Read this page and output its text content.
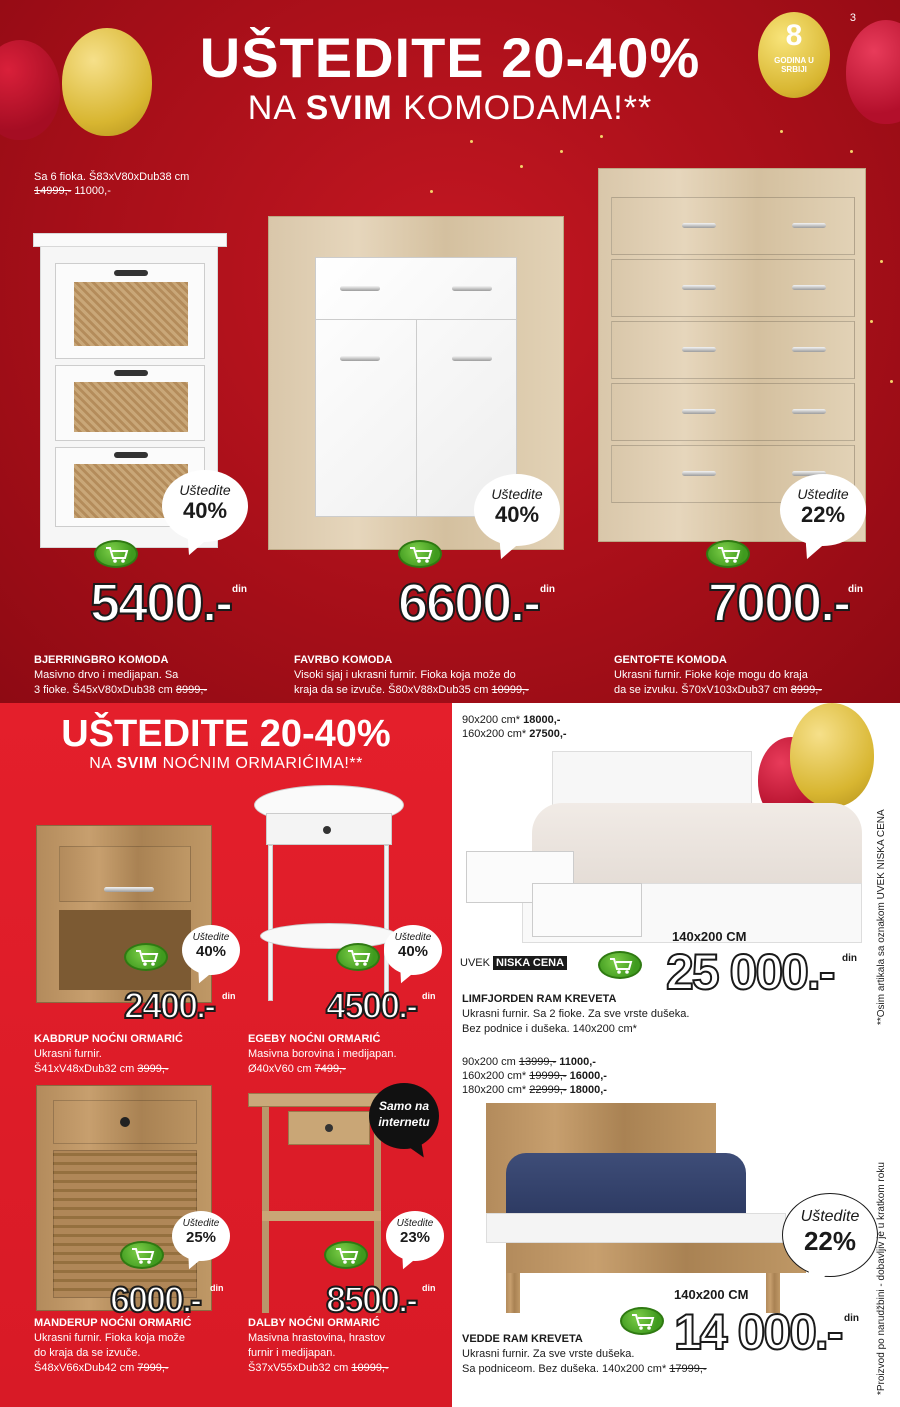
3
8
GODINA U SRBIJI
UŠTEDITE 20-40%
NA SVIM KOMODAMA!**
Sa 6 fioka. Š83xV80xDub38 cm
14999,- 11000,-
Uštedite
40%
Uštedite
40%
Uštedite
22%
5400.- din	6600.- din	7000.-
din
BJERRINGBRO KOMODA
Masivno drvo i medijapan. Sa
3 fioke. Š45xV80xDub38 cm 8999,-
FAVRBO KOMODA
Visoki sjaj i ukrasni furnir. Fioka koja može do
kraja da se izvuče. Š80xV88xDub35 cm 10999,-
GENTOFTE KOMODA
Ukrasni furnir. Fioke koje mogu do kraja
da se izvuku. Š70xV103xDub37 cm 8999,-
UŠTEDITE 20-40%
NA SVIM NOĆNIM ORMARIĆIMA!**
Samo na
internetu
Uštedite
40%
Uštedite
40%
Uštedite
25%
Uštedite
23%
2400.- din	4500.- din
6000.- din	8500.- din
KABDRUP NOĆNI ORMARIĆ
Ukrasni furnir.
Š41xV48xDub32 cm 3999,-
EGEBY NOĆNI ORMARIĆ
Masivna borovina i medijapan.
Ø40xV60 cm 7499,-
MANDERUP NOĆNI ORMARIĆ
Ukrasni furnir. Fioka koja može
do kraja da se izvuče.
Š48xV66xDub42 cm 7999,-
DALBY NOĆNI ORMARIĆ
Masivna hrastovina, hrastov
furnir i medijapan.
Š37xV55xDub32 cm 10999,-
90x200 cm* 18000,-
160x200 cm* 27500,-
140x200 CM
UVEK NISKA CENA 25 000.- din
LIMFJORDEN RAM KREVETA
Ukrasni furnir. Sa 2 fioke. Za sve vrste dušeka.
Bez podnice i dušeka. 140x200 cm*
90x200 cm 13999,- 11000,-
160x200 cm* 19999,- 16000,-
180x200 cm* 22999,- 18000,-
Uštedite
22%
140x200 CM
14 000.- din
VEDDE RAM KREVETA
Ukrasni furnir. Za sve vrste dušeka.
Sa podniceom. Bez dušeka. 140x200 cm* 17999,-
**Osim artikala sa oznakom UVEK NISKA CENA
*Proizvod po narudžbini - dobavljiv je u kratkom roku
